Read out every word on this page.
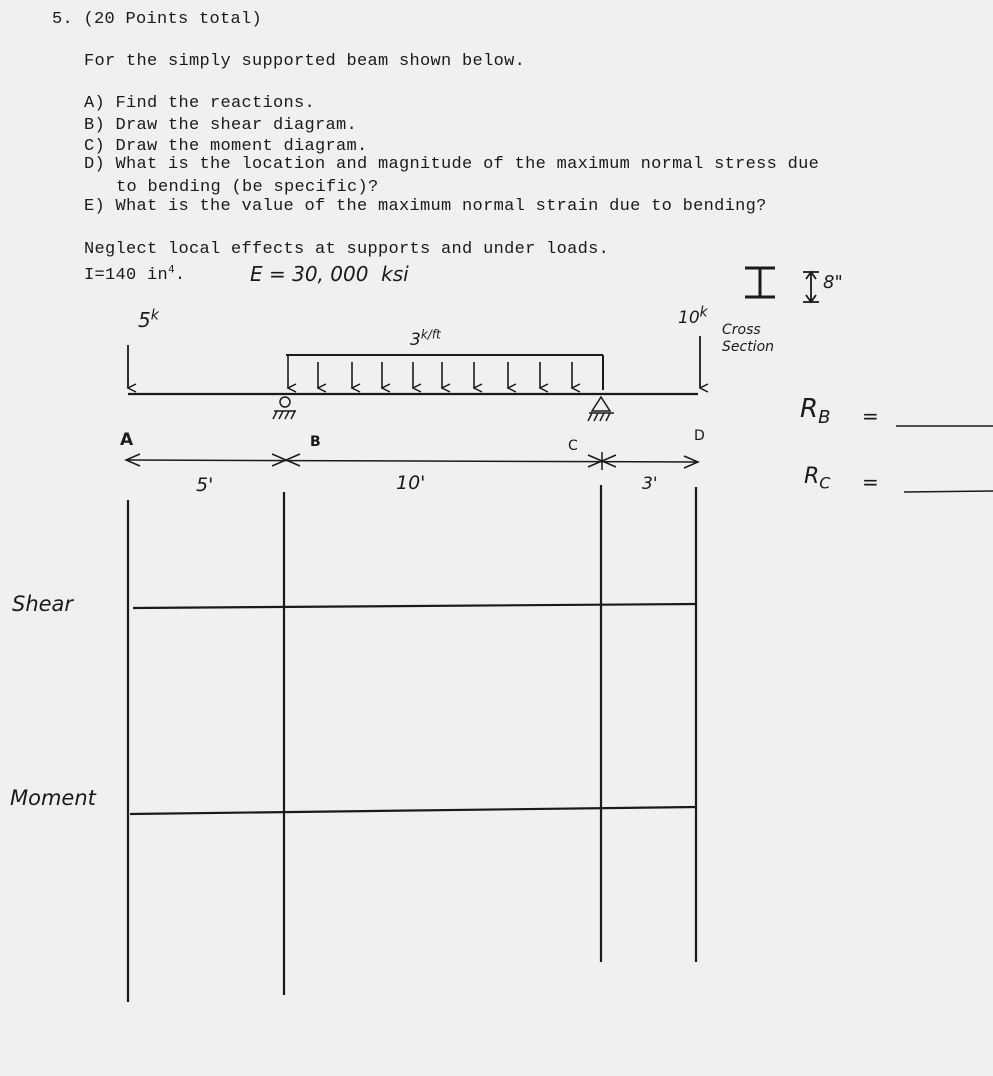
5. (20 Points total)
For the simply supported beam shown below.
A) Find the reactions.
B) Draw the shear diagram.
C) Draw the moment diagram.
D) What is the location and magnitude of the maximum normal stress due
to bending (be specific)?
E) What is the value of the maximum normal strain due to bending?
Neglect local effects at supports and under loads.
I=140 $in^4$.	E = 30, 000  ksi
5$^k$	10$^k$
$3^{k/ft}$	Cross
Section
8"
A	B	C
D
5'	10'	3'
$R_B$ =
$R_C$ =
Shear
Moment
